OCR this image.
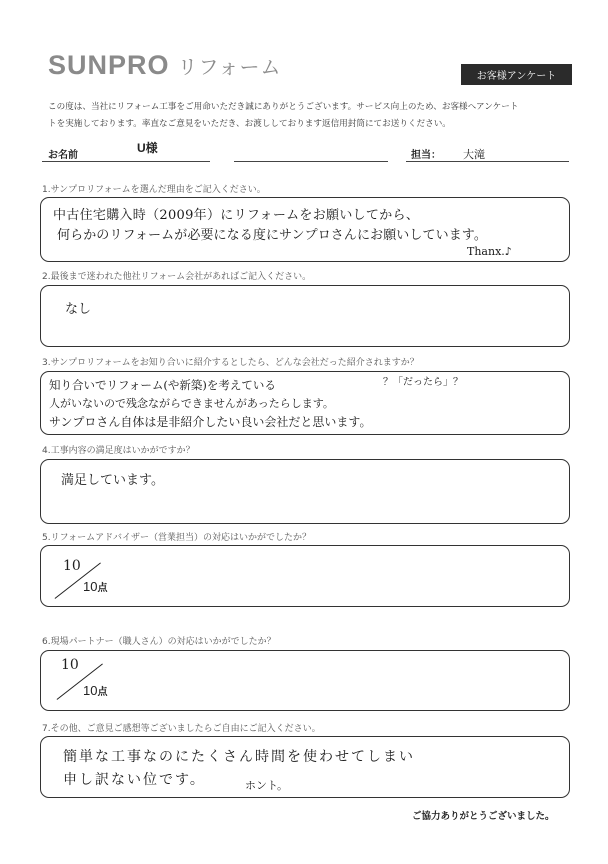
SUNPRO リフォーム	お客様アンケート
この度は、当社にリフォーム工事をご用命いただき誠にありがとうございます。サービス向上のため、お客様へアンケート
トを実施しております。率直なご意見をいただき、お渡ししております返信用封筒にてお送りください。
お名前
U様
担当： 大滝
1.サンプロリフォームを選んだ理由をご記入ください。
中古住宅購入時（2009年）にリフォームをお願いしてから、
何らかのリフォームが必要になる度にサンプロさんにお願いしています。
Thanx.♪
2.最後まで迷われた他社リフォーム会社があればご記入ください。
なし
3.サンプロリフォームをお知り合いに紹介するとしたら、どんな会社だった紹介されますか？
？「だったら」？
知り合いでリフォーム(や新築)を考えている
人がいないので残念ながらできませんがあったらします。
サンプロさん自体は是非紹介したい良い会社だと思います。
4.工事内容の満足度はいかがですか？
満足しています。
5.リフォームアドバイザー（営業担当）の対応はいかがでしたか？
10
10点
6.現場パートナー（職人さん）の対応はいかがでしたか？
10
10点
7.その他、ご意見ご感想等ございましたらご自由にご記入ください。
簡単な工事なのにたくさん時間を使わせてしまい
申し訳ない位です。	ホント。
ご協力ありがとうございました。
